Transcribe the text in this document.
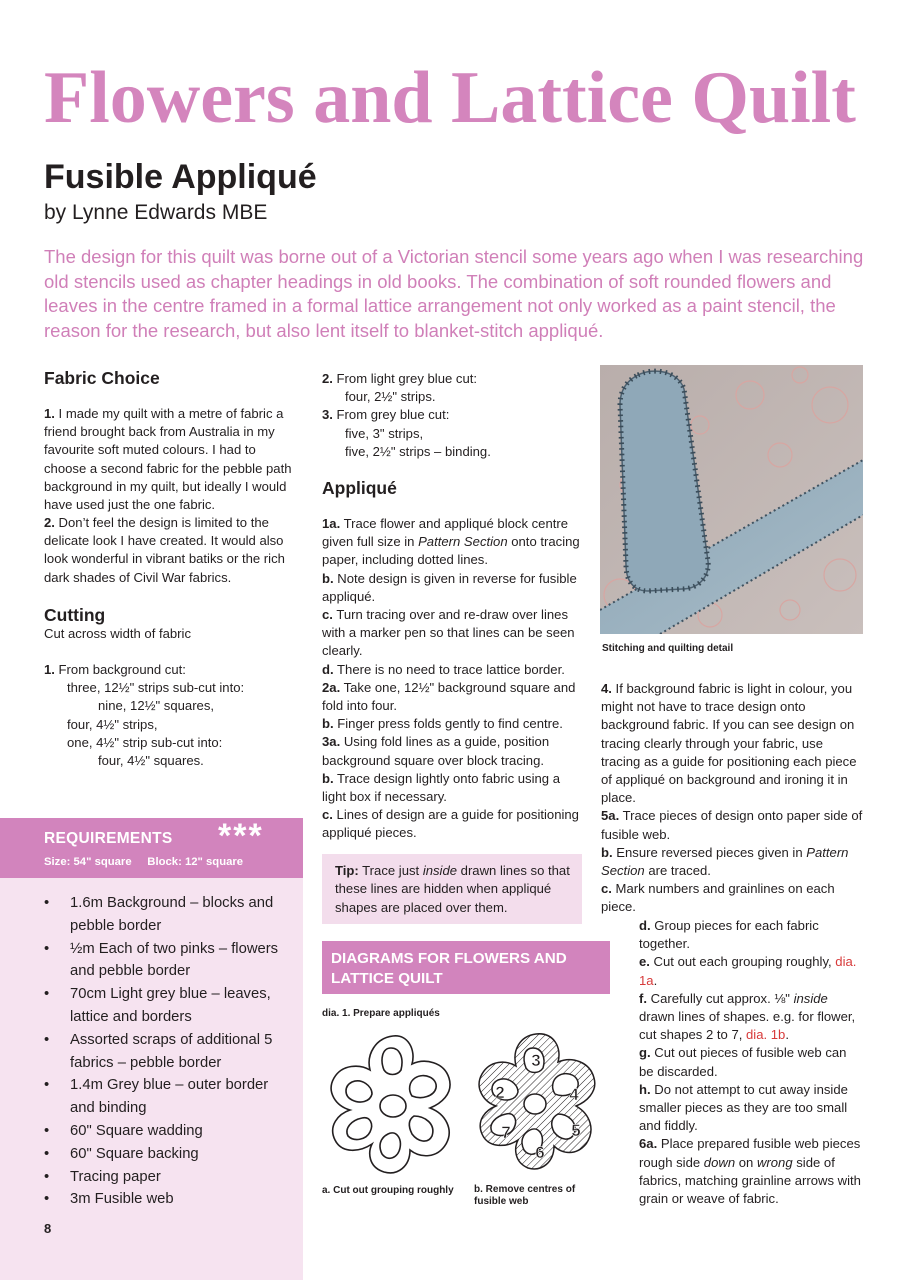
Flowers and Lattice Quilt
Fusible Appliqué
by Lynne Edwards MBE

The design for this quilt was borne out of a Victorian stencil some years ago when I was researching old stencils used as chapter headings in old books. The combination of soft rounded flowers and leaves in the centre framed in a formal lattice arrangement not only worked as a paint stencil, the reason for the research, but also lent itself to blanket-stitch appliqué.

REQUIREMENTS ***
Size: 54" square     Block: 12" square
• 1.6m Background – blocks and pebble border
• ½m Each of two pinks – flowers and pebble border
• 70cm Light grey blue – leaves, lattice and borders
• Assorted scraps of additional 5 fabrics – pebble border
• 1.4m Grey blue – outer border and binding
• 60" Square wadding
• 60" Square backing
• Tracing paper
• 3m Fusible web
Fabric Choice
1. I made my quilt with a metre of fabric a friend brought back from Australia in my favourite soft muted colours. I had to choose a second fabric for the pebble path background in my quilt, but ideally I would have used just the one fabric.
2. Don’t feel the design is limited to the delicate look I have created. It would also look wonderful in vibrant batiks or the rich dark shades of Civil War fabrics.
Cutting
Cut across width of fabric
1. From background cut:
three, 12½" strips sub-cut into:
nine, 12½" squares,
four, 4½" strips,
one, 4½" strip sub-cut into:
four, 4½" squares.
2. From light grey blue cut:
four, 2½" strips.
3. From grey blue cut:
five, 3" strips,
five, 2½" strips – binding.
Appliqué
1a. Trace flower and appliqué block centre given full size in Pattern Section onto tracing paper, including dotted lines.
b. Note design is given in reverse for fusible appliqué.
c. Turn tracing over and re-draw over lines with a marker pen so that lines can be seen clearly.
d. There is no need to trace lattice border.
2a. Take one, 12½" background square and fold into four.
b. Finger press folds gently to find centre.
3a. Using fold lines as a guide, position background square over block tracing.
b. Trace design lightly onto fabric using a light box if necessary.
c. Lines of design are a guide for positioning appliqué pieces.
Tip: Trace just inside drawn lines so that these lines are hidden when appliqué shapes are placed over them.
DIAGRAMS FOR FLOWERS AND LATTICE QUILT
dia. 1. Prepare appliqués
3
2	4
5
7
6
a. Cut out grouping roughly b. Remove centres of fusible web
Stitching and quilting detail
4. If background fabric is light in colour, you might not have to trace design onto background fabric. If you can see design on tracing clearly through your fabric, use tracing as a guide for positioning each piece of appliqué on background and ironing it in place.
5a. Trace pieces of design onto paper side of fusible web.
b. Ensure reversed pieces given in Pattern Section are traced.
c. Mark numbers and grainlines on each piece.
d. Group pieces for each fabric together.
e. Cut out each grouping roughly, dia. 1a.
f. Carefully cut approx. ⅛" inside drawn lines of shapes. e.g. for flower, cut shapes 2 to 7, dia. 1b.
g. Cut out pieces of fusible web can be discarded.
h. Do not attempt to cut away inside smaller pieces as they are too small and fiddly.
6a. Place prepared fusible web pieces rough side down on wrong side of fabrics, matching grainline arrows with grain or weave of fabric.
8
